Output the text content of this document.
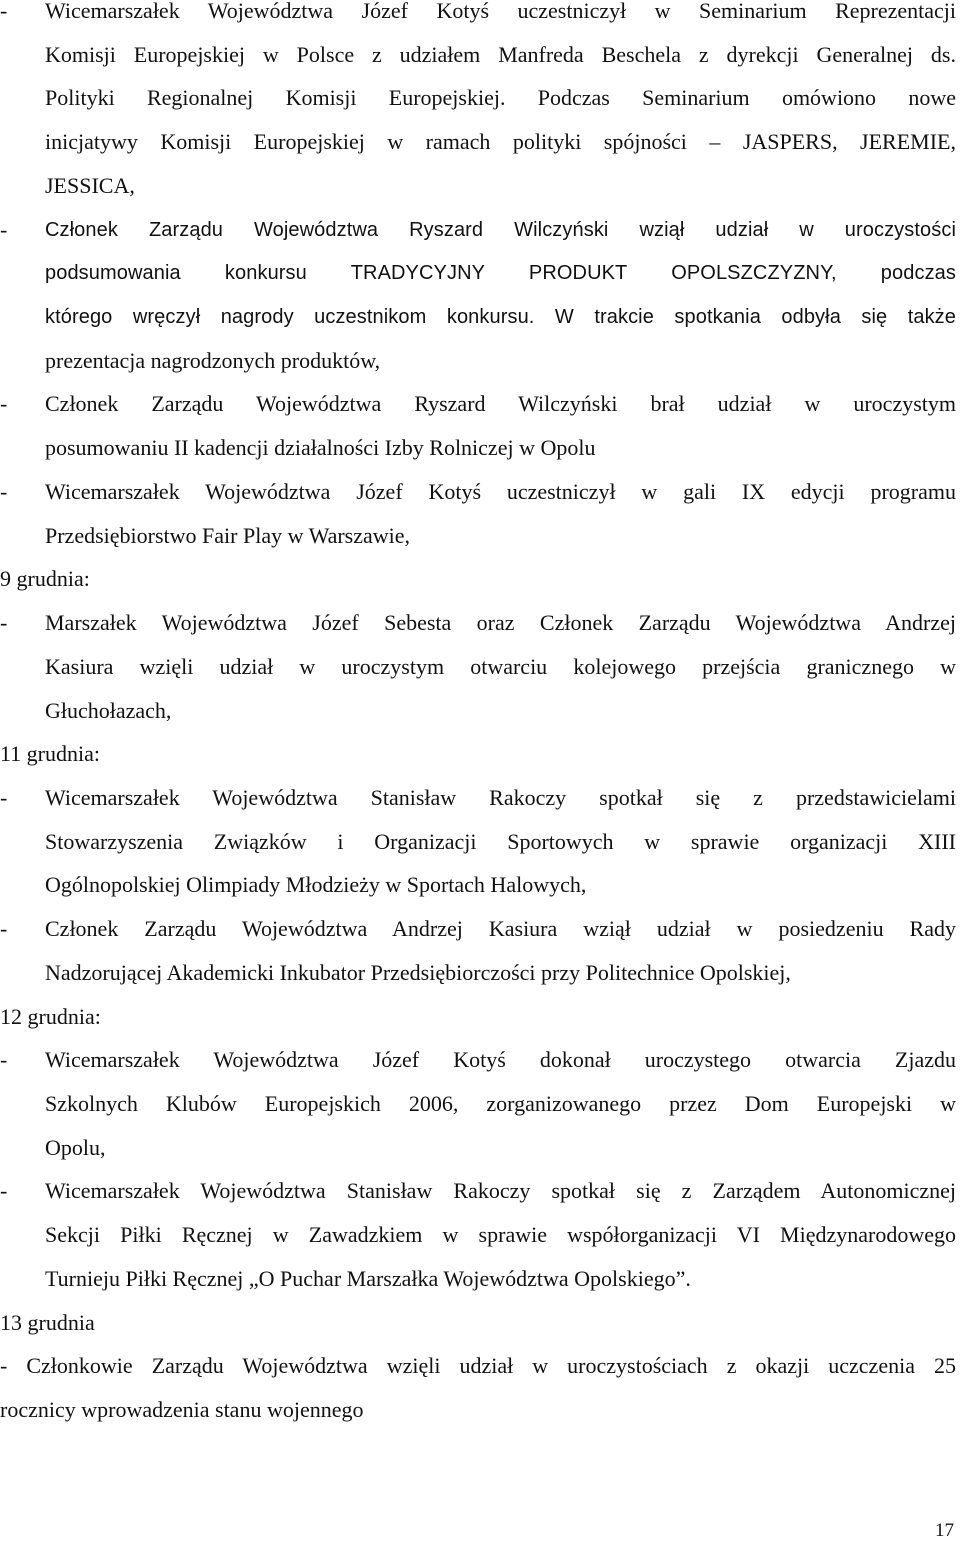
-	Wicemarszałek Województwa Józef Kotyś uczestniczył w Seminarium Reprezentacji
Komisji Europejskiej w Polsce z udziałem Manfreda Beschela z dyrekcji Generalnej ds.
Polityki Regionalnej Komisji Europejskiej. Podczas Seminarium omówiono nowe
inicjatywy Komisji Europejskiej w ramach polityki spójności – JASPERS, JEREMIE,
JESSICA,
-	Członek Zarządu Województwa Ryszard Wilczyński wziął udział w uroczystości
podsumowania konkursu TRADYCYJNY PRODUKT OPOLSZCZYZNY, podczas
którego wręczył nagrody uczestnikom konkursu. W trakcie spotkania odbyła się także
prezentacja nagrodzonych produktów,
-	Członek Zarządu Województwa Ryszard Wilczyński brał udział w uroczystym
posumowaniu II kadencji działalności Izby Rolniczej w Opolu
-	Wicemarszałek Województwa Józef Kotyś uczestniczył w gali IX edycji programu
Przedsiębiorstwo Fair Play w Warszawie,
9 grudnia:
-	Marszałek Województwa Józef Sebesta oraz Członek Zarządu Województwa Andrzej
Kasiura wzięli udział w uroczystym otwarciu kolejowego przejścia granicznego w
Głuchołazach,
11 grudnia:
-	Wicemarszałek Województwa Stanisław Rakoczy spotkał się z przedstawicielami
Stowarzyszenia Związków i Organizacji Sportowych w sprawie organizacji XIII
Ogólnopolskiej Olimpiady Młodzieży w Sportach Halowych,
-	Członek Zarządu Województwa Andrzej Kasiura wziął udział w posiedzeniu Rady
Nadzorującej Akademicki Inkubator Przedsiębiorczości przy Politechnice Opolskiej,
12 grudnia:
-	Wicemarszałek Województwa Józef Kotyś dokonał uroczystego otwarcia Zjazdu
Szkolnych Klubów Europejskich 2006, zorganizowanego przez Dom Europejski w
Opolu,
-	Wicemarszałek Województwa Stanisław Rakoczy spotkał się z Zarządem Autonomicznej
Sekcji Piłki Ręcznej w Zawadzkiem w sprawie współorganizacji VI Międzynarodowego
Turnieju Piłki Ręcznej „O Puchar Marszałka Województwa Opolskiego”.
13 grudnia
- Członkowie Zarządu Województwa wzięli udział w uroczystościach z okazji uczczenia 25
rocznicy wprowadzenia stanu wojennego
17
